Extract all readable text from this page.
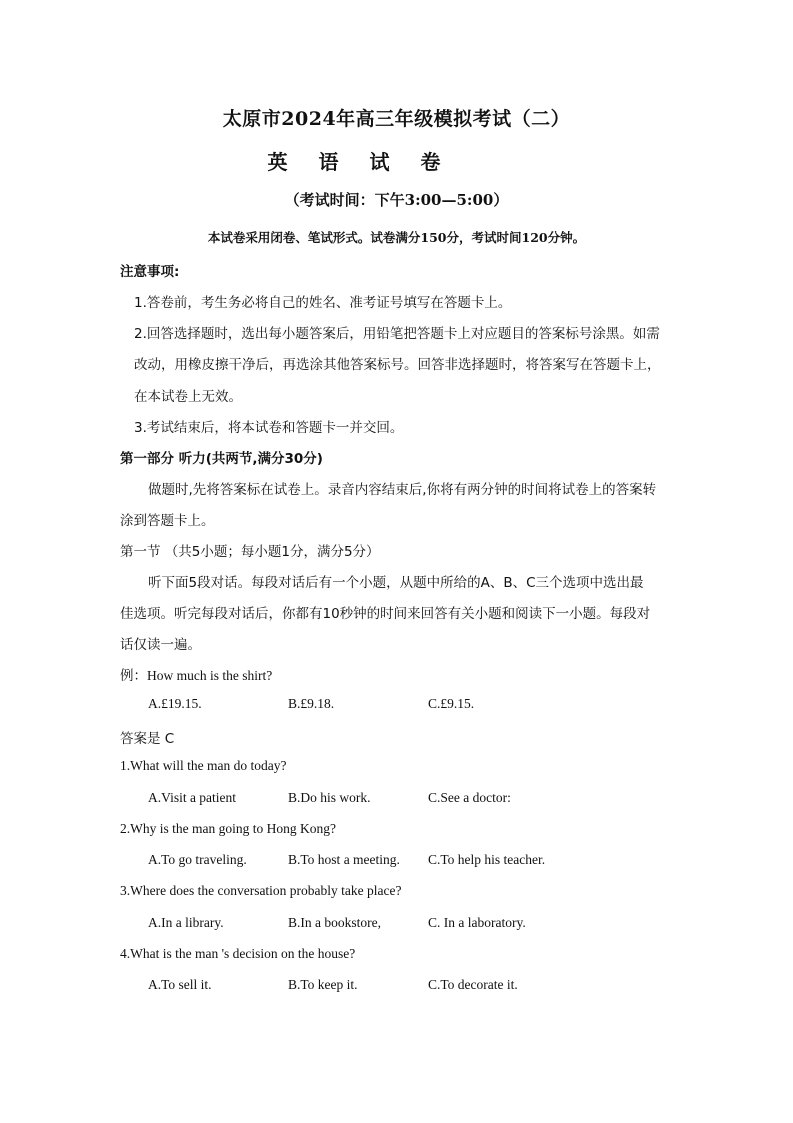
太原市2024年高三年级模拟考试（二）
英 语 试 卷
（考试时间：下午3:00—5:00）
本试卷采用闭卷、笔试形式。试卷满分150分，考试时间120分钟。
注意事项:
1.答卷前，考生务必将自己的姓名、准考证号填写在答题卡上。
2.回答选择题时，选出每小题答案后，用铅笔把答题卡上对应题目的答案标号涂黑。如需
改动，用橡皮擦干净后，再选涂其他答案标号。回答非选择题时，将答案写在答题卡上，
在本试卷上无效。
3.考试结束后，将本试卷和答题卡一并交回。
第一部分 听力(共两节,满分30分)
做题时,先将答案标在试卷上。录音内容结束后,你将有两分钟的时间将试卷上的答案转
涂到答题卡上。
第一节 （共5小题；每小题1分，满分5分）
听下面5段对话。每段对话后有一个小题，从题中所给的A、B、C三个选项中选出最
佳选项。听完每段对话后，你都有10秒钟的时间来回答有关小题和阅读下一小题。每段对
话仅读一遍。
例：How much is the shirt?
A.£19.15.	B.£9.18.	C.£9.15.
答案是 C
1.What will the man do today?
A.Visit a patient	B.Do his work.	C.See a doctor:
2.Why is the man going to Hong Kong?
A.To go traveling.	B.To host a meeting. C.To help his teacher.
3.Where does the conversation probably take place?
A.In a library.	B.In a bookstore,	C. In a laboratory.
4.What is the man 's decision on the house?
A.To sell it.	B.To keep it.	C.To decorate it.
